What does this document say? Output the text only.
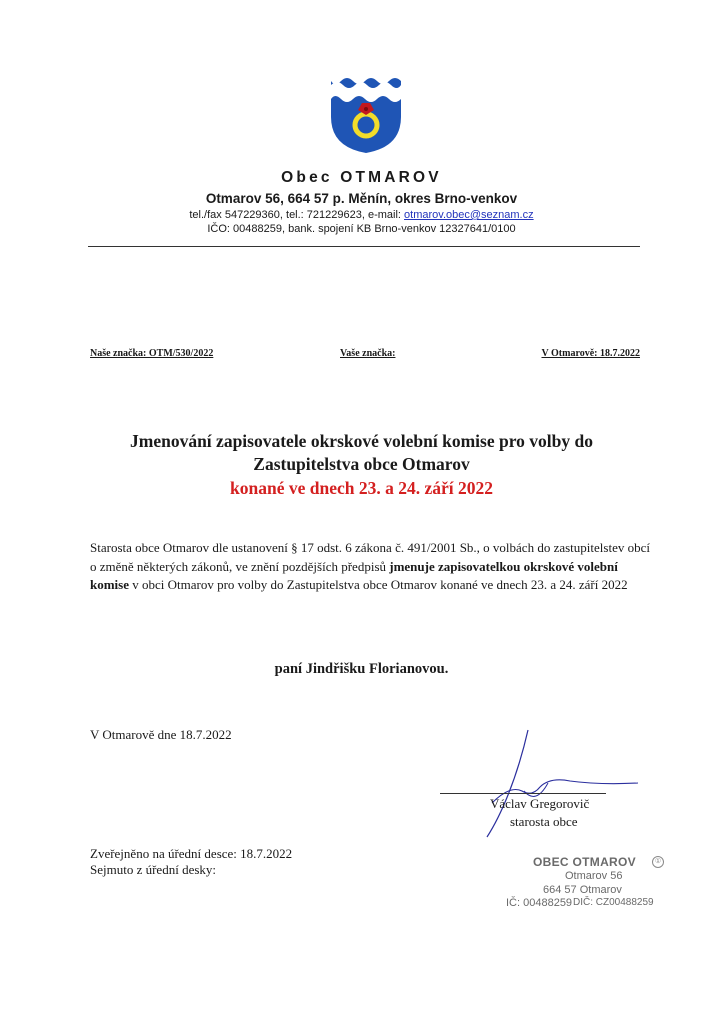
Obec OTMAROV
Otmarov 56, 664 57 p. Měnín, okres Brno-venkov
tel./fax 547229360, tel.: 721229623, e-mail: otmarov.obec@seznam.cz
IČO: 00488259, bank. spojení KB Brno-venkov 12327641/0100
Naše značka: OTM/530/2022	Vaše značka:	V Otmarově: 18.7.2022
Jmenování zapisovatele okrskové volební komise pro volby do
Zastupitelstva obce Otmarov
konané ve dnech 23. a 24. září 2022
Starosta obce Otmarov dle ustanovení § 17 odst. 6 zákona č. 491/2001 Sb., o volbách do zastupitelstev obcí o změně některých zákonů, ve znění pozdějších předpisů jmenuje zapisovatelkou okrskové volební komise v obci Otmarov pro volby do Zastupitelstva obce Otmarov konané ve dnech 23. a 24. září 2022
paní Jindřišku Florianovou.
V Otmarově dne 18.7.2022
Václav Gregorovič
starosta obce
Zveřejněno na úřední desce: 18.7.2022
Sejmuto z úřední desky:	OBEC OTMAROV	①
Otmarov 56
664 57 Otmarov
IČ: 00488259 DIČ: CZ00488259
